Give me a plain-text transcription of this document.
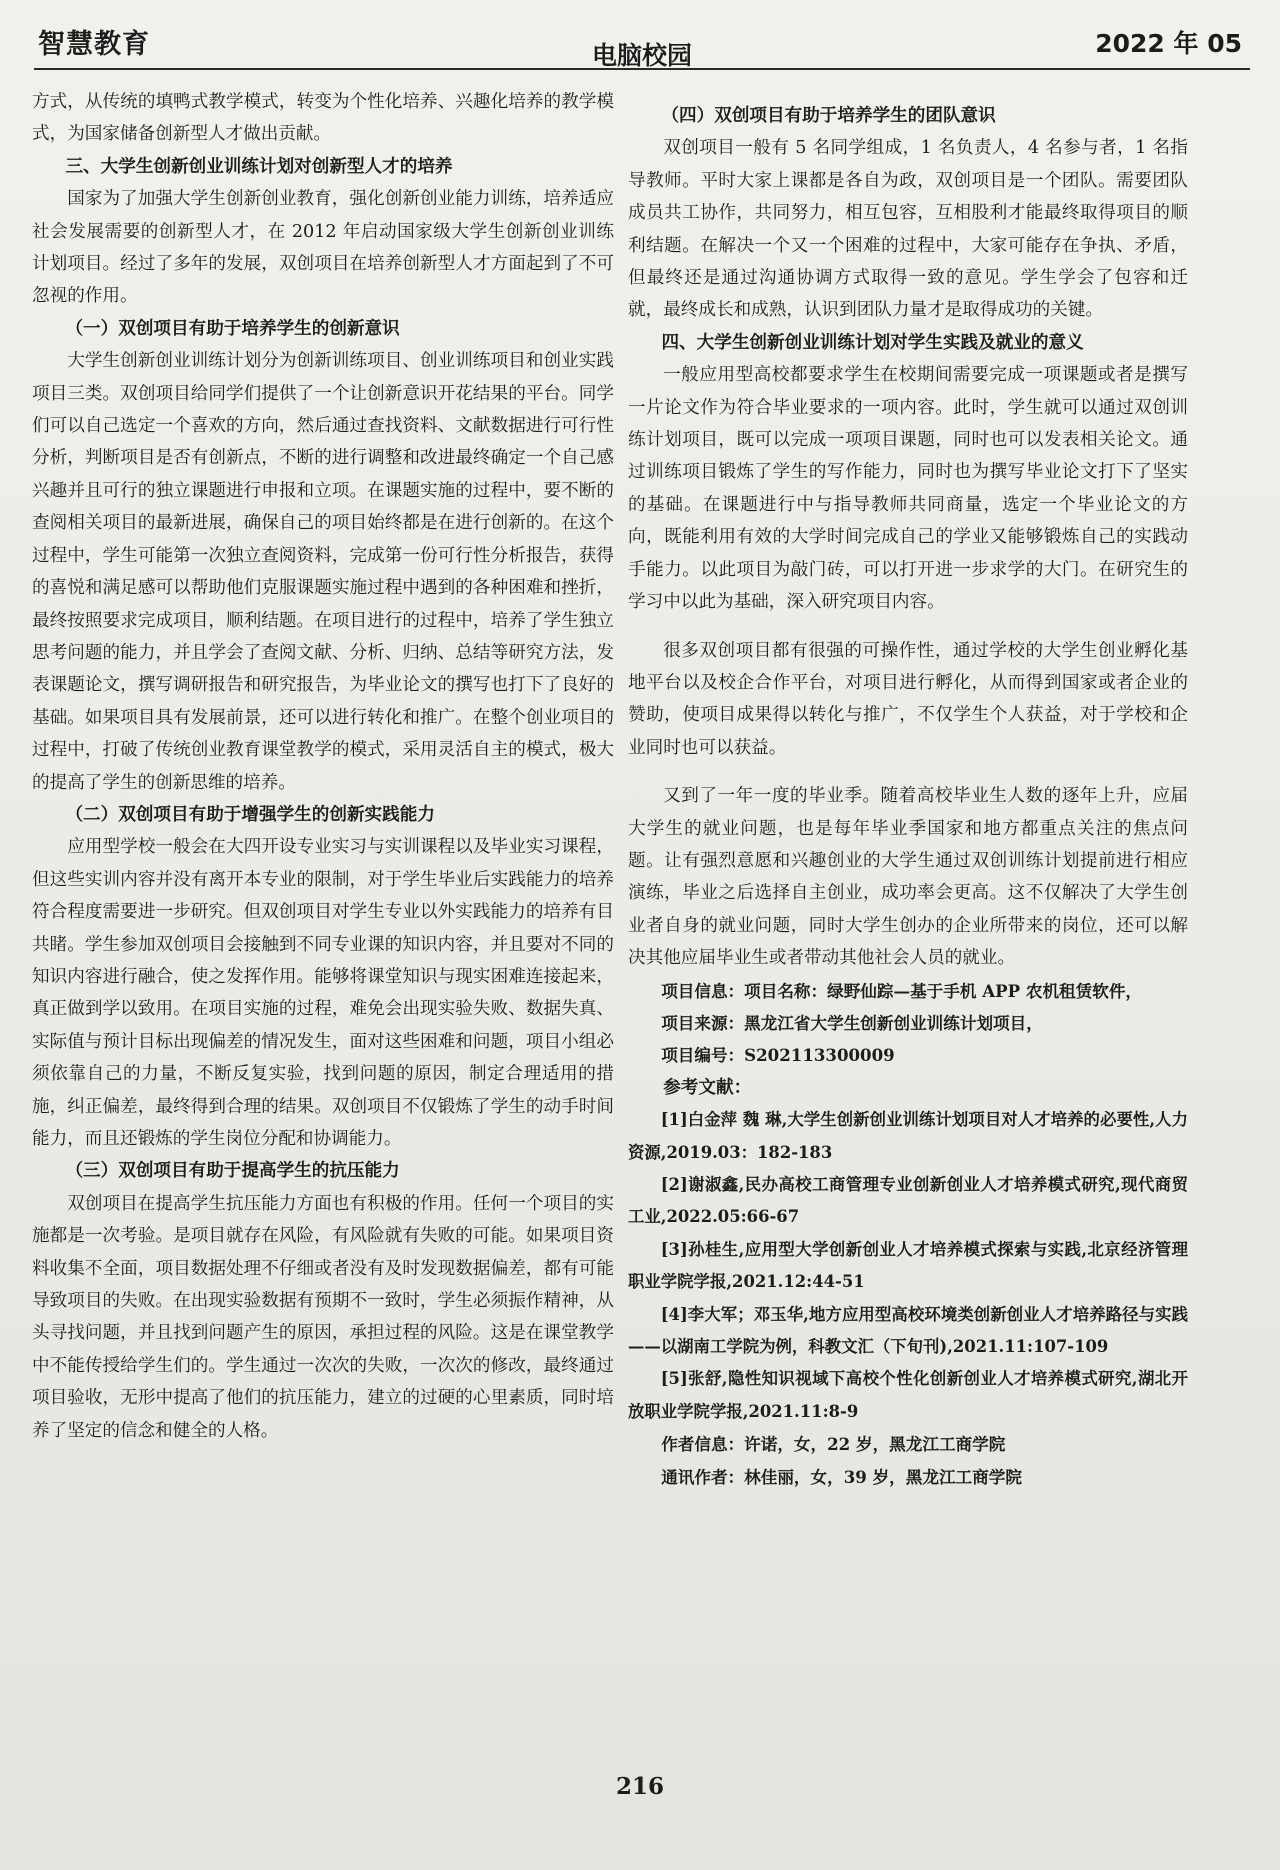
智慧教育	电脑校园	2022 年 05

方式，从传统的填鸭式教学模式，转变为个性化培养、兴趣化培养的教学模式，为国家储备创新型人才做出贡献。

三、大学生创新创业训练计划对创新型人才的培养

国家为了加强大学生创新创业教育，强化创新创业能力训练，培养适应社会发展需要的创新型人才，在 2012 年启动国家级大学生创新创业训练计划项目。经过了多年的发展，双创项目在培养创新型人才方面起到了不可忽视的作用。

（一）双创项目有助于培养学生的创新意识

大学生创新创业训练计划分为创新训练项目、创业训练项目和创业实践项目三类。双创项目给同学们提供了一个让创新意识开花结果的平台。同学们可以自己选定一个喜欢的方向，然后通过查找资料、文献数据进行可行性分析，判断项目是否有创新点，不断的进行调整和改进最终确定一个自己感兴趣并且可行的独立课题进行申报和立项。在课题实施的过程中，要不断的查阅相关项目的最新进展，确保自己的项目始终都是在进行创新的。在这个过程中，学生可能第一次独立查阅资料，完成第一份可行性分析报告，获得的喜悦和满足感可以帮助他们克服课题实施过程中遇到的各种困难和挫折，最终按照要求完成项目，顺利结题。在项目进行的过程中，培养了学生独立思考问题的能力，并且学会了查阅文献、分析、归纳、总结等研究方法，发表课题论文，撰写调研报告和研究报告，为毕业论文的撰写也打下了良好的基础。如果项目具有发展前景，还可以进行转化和推广。在整个创业项目的过程中，打破了传统创业教育课堂教学的模式，采用灵活自主的模式，极大的提高了学生的创新思维的培养。

（二）双创项目有助于增强学生的创新实践能力

应用型学校一般会在大四开设专业实习与实训课程以及毕业实习课程，但这些实训内容并没有离开本专业的限制，对于学生毕业后实践能力的培养符合程度需要进一步研究。但双创项目对学生专业以外实践能力的培养有目共睹。学生参加双创项目会接触到不同专业课的知识内容，并且要对不同的知识内容进行融合，使之发挥作用。能够将课堂知识与现实困难连接起来，真正做到学以致用。在项目实施的过程，难免会出现实验失败、数据失真、实际值与预计目标出现偏差的情况发生，面对这些困难和问题，项目小组必须依靠自己的力量，不断反复实验，找到问题的原因，制定合理适用的措施，纠正偏差，最终得到合理的结果。双创项目不仅锻炼了学生的动手时间能力，而且还锻炼的学生岗位分配和协调能力。

（三）双创项目有助于提高学生的抗压能力

双创项目在提高学生抗压能力方面也有积极的作用。任何一个项目的实施都是一次考验。是项目就存在风险，有风险就有失败的可能。如果项目资料收集不全面，项目数据处理不仔细或者没有及时发现数据偏差，都有可能导致项目的失败。在出现实验数据有预期不一致时，学生必须振作精神，从头寻找问题，并且找到问题产生的原因，承担过程的风险。这是在课堂教学中不能传授给学生们的。学生通过一次次的失败，一次次的修改，最终通过项目验收，无形中提高了他们的抗压能力，建立的过硬的心里素质，同时培养了坚定的信念和健全的人格。

（四）双创项目有助于培养学生的团队意识

双创项目一般有 5 名同学组成，1 名负责人，4 名参与者，1 名指导教师。平时大家上课都是各自为政，双创项目是一个团队。需要团队成员共工协作，共同努力，相互包容，互相股利才能最终取得项目的顺利结题。在解决一个又一个困难的过程中，大家可能存在争执、矛盾，但最终还是通过沟通协调方式取得一致的意见。学生学会了包容和迁就，最终成长和成熟，认识到团队力量才是取得成功的关键。

四、大学生创新创业训练计划对学生实践及就业的意义

一般应用型高校都要求学生在校期间需要完成一项课题或者是撰写一片论文作为符合毕业要求的一项内容。此时，学生就可以通过双创训练计划项目，既可以完成一项项目课题，同时也可以发表相关论文。通过训练项目锻炼了学生的写作能力，同时也为撰写毕业论文打下了坚实的基础。在课题进行中与指导教师共同商量，选定一个毕业论文的方向，既能利用有效的大学时间完成自己的学业又能够锻炼自己的实践动手能力。以此项目为敲门砖，可以打开进一步求学的大门。在研究生的学习中以此为基础，深入研究项目内容。

很多双创项目都有很强的可操作性，通过学校的大学生创业孵化基地平台以及校企合作平台，对项目进行孵化，从而得到国家或者企业的赞助，使项目成果得以转化与推广，不仅学生个人获益，对于学校和企业同时也可以获益。

又到了一年一度的毕业季。随着高校毕业生人数的逐年上升，应届大学生的就业问题，也是每年毕业季国家和地方都重点关注的焦点问题。让有强烈意愿和兴趣创业的大学生通过双创训练计划提前进行相应演练，毕业之后选择自主创业，成功率会更高。这不仅解决了大学生创业者自身的就业问题，同时大学生创办的企业所带来的岗位，还可以解决其他应届毕业生或者带动其他社会人员的就业。

项目信息：项目名称：绿野仙踪—基于手机 APP 农机租赁软件，

项目来源：黑龙江省大学生创新创业训练计划项目，

项目编号：S202113300009

参考文献：

[1]白金萍 魏 琳,大学生创新创业训练计划项目对人才培养的必要性,人力资源,2019.03：182-183

[2]谢淑鑫,民办高校工商管理专业创新创业人才培养模式研究,现代商贸工业,2022.05:66-67

[3]孙桂生,应用型大学创新创业人才培养模式探索与实践,北京经济管理职业学院学报,2021.12:44-51

[4]李大军；邓玉华,地方应用型高校环境类创新创业人才培养路径与实践——以湖南工学院为例，科教文汇（下旬刊),2021.11:107-109

[5]张舒,隐性知识视域下高校个性化创新创业人才培养模式研究,湖北开放职业学院学报,2021.11:8-9

作者信息：许诺，女，22 岁，黑龙江工商学院

通讯作者：林佳丽，女，39 岁，黑龙江工商学院

216
